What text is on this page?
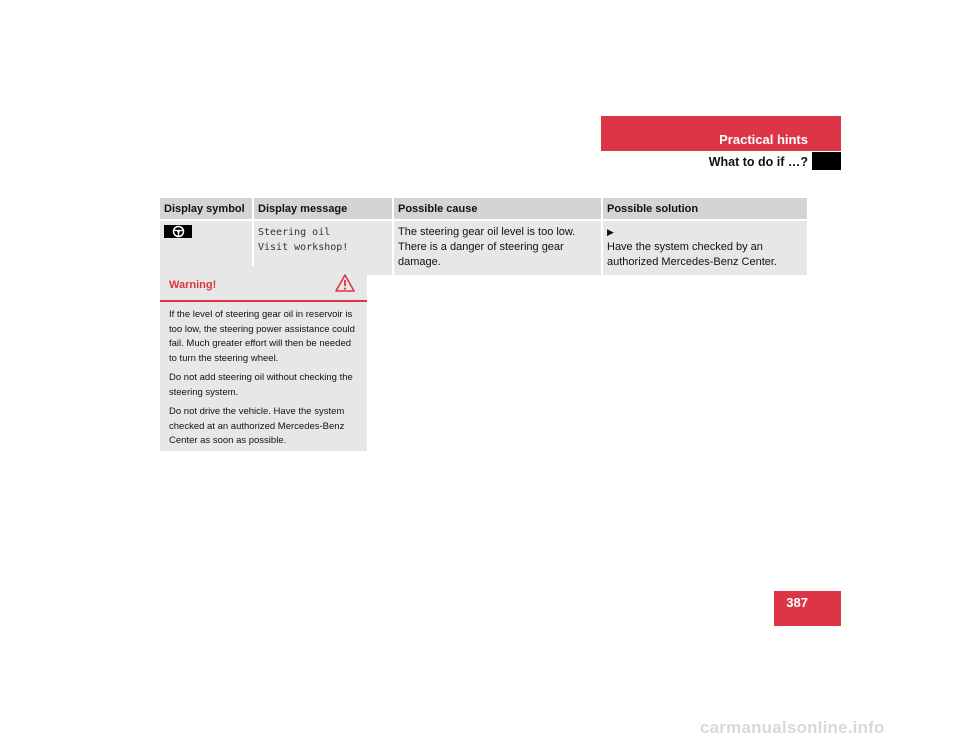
Practical hints
What to do if …?
Display symbol	Display message	Possible cause	Possible solution

Steering oil
Visit workshop!	The steering gear oil level is too low. There is a danger of steering gear damage.	▶Have the system checked by an authorized Mercedes-Benz Center.
Warning!

If the level of steering gear oil in reservoir is too low, the steering power assistance could fail. Much greater effort will then be needed to turn the steering wheel.

Do not add steering oil without checking the steering system.

Do not drive the vehicle. Have the system checked at an authorized Mercedes-Benz Center as soon as possible.

387
carmanualsonline.info
